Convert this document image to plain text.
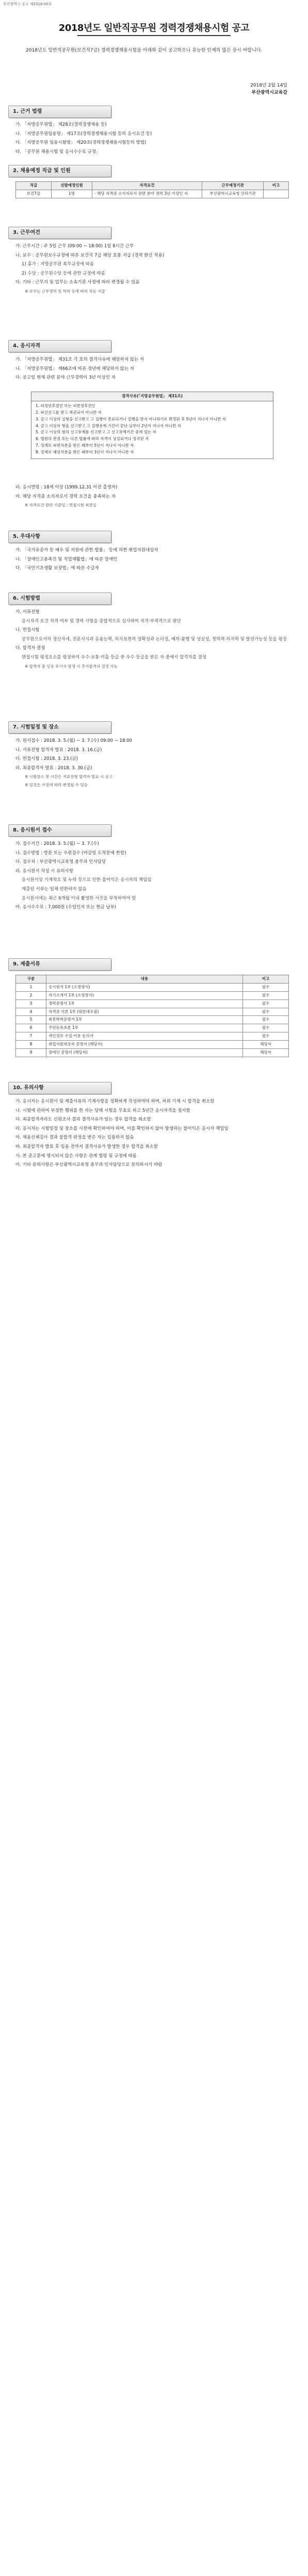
부산광역시 공고 제2018-00호
2018년도 일반직공무원 경력경쟁채용시험 공고
2018년도 일반직공무원(보건직7급) 경력경쟁채용시험을 아래와 같이 공고하오니 유능한 인재의 많은 응시 바랍니다.
2018년 2월 14일
부산광역시교육감
1. 근거 법령

가. 「지방공무원법」 제28조(경력경쟁채용 등)

나. 「지방공무원임용령」 제17조(경력경쟁채용시험 등의 응시요건 등)

다. 「지방공무원 임용시험령」 제20조(경력경쟁채용시험등의 방법)

라. 「공무원 채용시험 및 응시수수료 규정」

2. 채용예정 직급 및 인원
직급	선발예정인원	자격요건	근무예정기관	비고
보건7급	1명	- 해당 자격증 소지자로서 관련 분야 경력 3년 이상인 자	부산광역시교육청 산하기관	
3. 근무여건

가. 근무시간 : 주 5일 근무 (09:00 ~ 18:00) 1일 8시간 근무

나. 보수 : 공무원보수규정에 따른 보건직 7급 해당 호봉 지급 (경력 환산 적용)

1) 휴가 : 지방공무원 복무규정에 따름

2) 수당 : 공무원수당 등에 관한 규정에 따름

다. 기타 : 근무지 및 업무는 소속기관 사정에 따라 변경될 수 있음

※ 보수는 근무경력 및 학력 등에 따라 차등 지급

4. 응시자격

가. 「지방공무원법」 제31조 각 호의 결격사유에 해당하지 않는 자

나. 「지방공무원법」 제66조에 따른 정년에 해당하지 않는 자

다. 공고일 현재 관련 분야 근무경력이 3년 이상인 자

결격사유(「지방공무원법」 제31조)

1. 피성년후견인 또는 피한정후견인

2. 파산선고를 받고 복권되지 아니한 자

3. 금고 이상의 실형을 선고받고 그 집행이 종료되거나 집행을 받지 아니하기로 확정된 후 5년이 지나지 아니한 자

4. 금고 이상의 형을 선고받고 그 집행유예 기간이 끝난 날부터 2년이 지나지 아니한 자

5. 금고 이상의 형의 선고유예를 선고받고 그 선고유예기간 중에 있는 자

6. 법원의 판결 또는 다른 법률에 따라 자격이 상실되거나 정지된 자

7. 징계로 파면처분을 받은 때부터 5년이 지나지 아니한 자

8. 징계로 해임처분을 받은 때부터 3년이 지나지 아니한 자

라. 응시연령 : 18세 이상 (1999.12.31 이전 출생자)

마. 해당 자격증 소지자로서 경력 요건을 충족하는 자

※ 자격요건 판단 기준일 : 면접시험 최종일

5. 우대사항

가. 「국가유공자 등 예우 및 지원에 관한 법률」 등에 의한 취업지원대상자

나. 「장애인고용촉진 및 직업재활법」에 따른 장애인

다. 「국민기초생활 보장법」에 따른 수급자

6. 시험방법

가. 서류전형

응시자격 요건 적격 여부 및 경력 사항을 종합적으로 심사하여 적격·부적격으로 판단

나. 면접시험

공무원으로서의 정신자세, 전문지식과 응용능력, 의사표현의 정확성과 논리성, 예의·품행 및 성실성, 창의력·의지력 및 발전가능성 등을 평정

다. 합격자 결정

면접시험 평정요소를 평정하여 우수·보통·미흡 등급 중 우수 등급을 받은 자 중에서 합격자를 결정

※ 합격자 중 임용 포기자 발생 시 추가합격자 결정 가능

7. 시험일정 및 장소

가. 원서접수 : 2018. 3. 5.(월) ~ 3. 7.(수) 09:00 ~ 18:00

나. 서류전형 합격자 발표 : 2018. 3. 16.(금)

다. 면접시험 : 2018. 3. 23.(금)

라. 최종합격자 발표 : 2018. 3. 30.(금)

※ 시험장소 및 시간은 서류전형 합격자 발표 시 공고

※ 일정은 사정에 따라 변경될 수 있음

8. 응시원서 접수

가. 접수기간 : 2018. 3. 5.(월) ~ 3. 7.(수)

나. 접수방법 : 방문 또는 우편접수 (마감일 도착분에 한함)

다. 접수처 : 부산광역시교육청 총무과 인사담당

라. 응시원서 작성 시 유의사항

응시원서상 기재착오 및 누락 등으로 인한 불이익은 응시자의 책임임

제출된 서류는 일체 반환하지 않음

응시원서에는 최근 6개월 이내 촬영한 사진을 부착하여야 함

마. 응시수수료 : 7,000원 (수입인지 또는 현금 납부)

9. 제출서류
구분	내용	비고
1	응시원서 1부 (소정양식)	필수
2	자기소개서 1부 (소정양식)	필수
3	경력증명서 1부	필수
4	자격증 사본 1부 (원본대조필)	필수
5	최종학력증명서 1부	필수
6	주민등록초본 1부	필수
7	개인정보 수집·이용 동의서	필수
8	취업지원대상자 증명서 (해당자)	해당자
9	장애인 증명서 (해당자)	해당자
10. 유의사항

가. 응시자는 응시원서 및 제출서류의 기재사항을 정확하게 작성하여야 하며, 허위 기재 시 합격을 취소함

나. 시험에 관하여 부정한 행위를 한 자는 당해 시험을 무효로 하고 5년간 응시자격을 정지함

다. 최종합격자라도 신원조사 결과 결격사유가 있는 경우 합격을 취소함

라. 응시자는 시험일정 및 장소를 사전에 확인하여야 하며, 이를 확인하지 않아 발생하는 불이익은 응시자 책임임

마. 채용신체검사 결과 불합격 판정을 받은 자는 임용하지 않음

바. 최종합격자 발표 후 임용 전까지 결격사유가 발생한 경우 합격을 취소함

사. 본 공고문에 명시되지 않은 사항은 관계 법령 및 규정에 따름

아. 기타 문의사항은 부산광역시교육청 총무과 인사담당으로 문의하시기 바람
